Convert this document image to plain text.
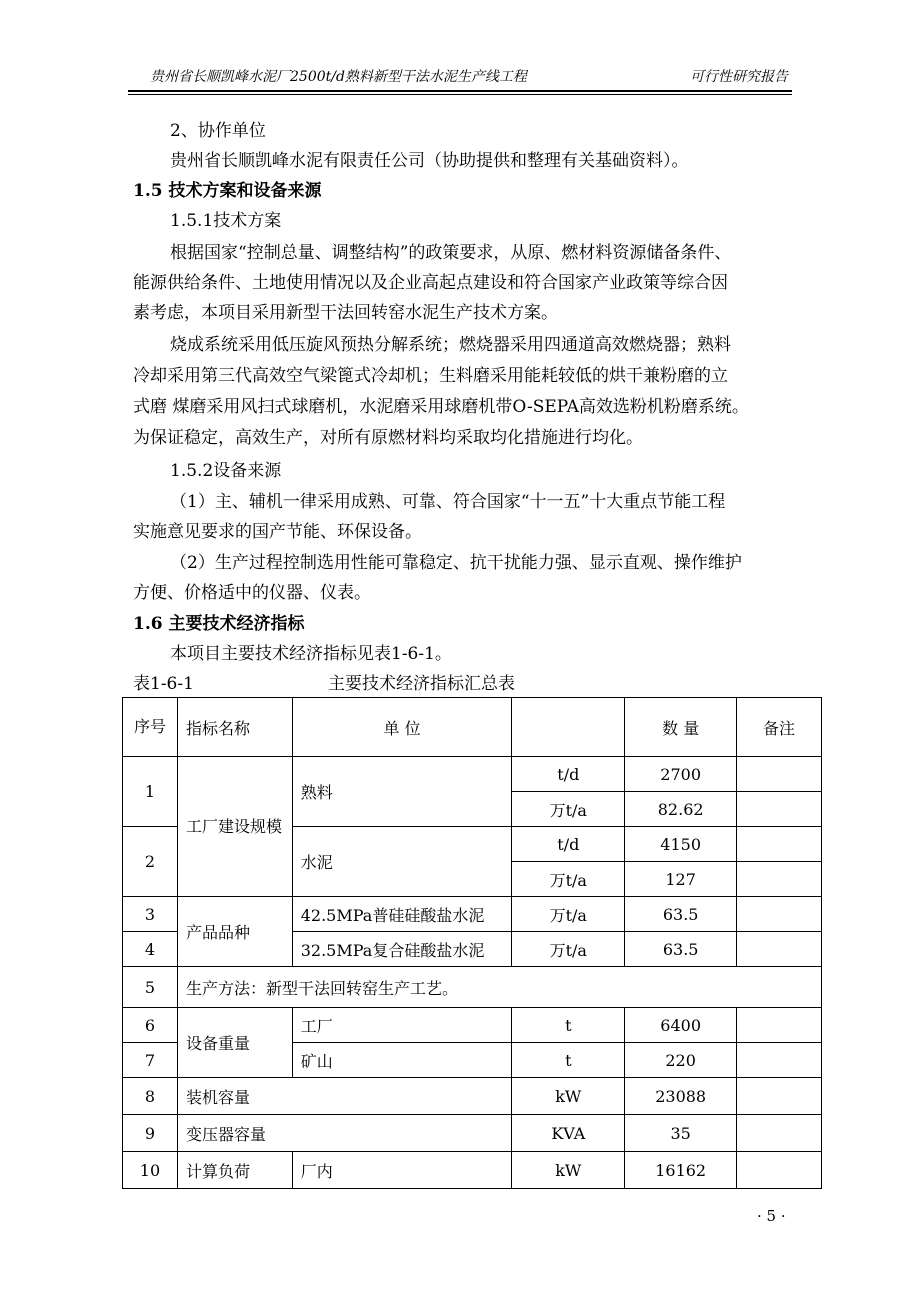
贵州省长顺凯峰水泥厂2500t/d熟料新型干法水泥生产线工程	可行性研究报告
2、协作单位
贵州省长顺凯峰水泥有限责任公司（协助提供和整理有关基础资料）。
1.5 技术方案和设备来源
1.5.1技术方案
根据国家“控制总量、调整结构”的政策要求，从原、燃材料资源储备条件、
能源供给条件、土地使用情况以及企业高起点建设和符合国家产业政策等综合因
素考虑，本项目采用新型干法回转窑水泥生产技术方案。
烧成系统采用低压旋风预热分解系统；燃烧器采用四通道高效燃烧器；熟料
冷却采用第三代高效空气梁篦式冷却机；生料磨采用能耗较低的烘干兼粉磨的立
式磨 煤磨采用风扫式球磨机，水泥磨采用球磨机带O-SEPA高效选粉机粉磨系统。
为保证稳定，高效生产，对所有原燃材料均采取均化措施进行均化。
1.5.2设备来源
（1）主、辅机一律采用成熟、可靠、符合国家“十一五”十大重点节能工程
实施意见要求的国产节能、环保设备。
（2）生产过程控制选用性能可靠稳定、抗干扰能力强、显示直观、操作维护
方便、价格适中的仪器、仪表。
1.6 主要技术经济指标
本项目主要技术经济指标见表1-6-1。
表1-6-1	主要技术经济指标汇总表
序号	指标名称	单 位		数 量	备注
1	工厂建设规模	熟料	t/d	2700	
			万t/a	82.62	
2		水泥	t/d	4150	
			万t/a	127	
3	产品品种	42.5MPa普硅硅酸盐水泥	万t/a	63.5	
4		32.5MPa复合硅酸盐水泥	万t/a	63.5	
5	生产方法：新型干法回转窑生产工艺。				
6	设备重量	工厂	t	6400	
7		矿山	t	220	
8	装机容量		kW	23088	
9	变压器容量		KVA	35	
10	计算负荷	厂内	kW	16162	
· 5 ·
